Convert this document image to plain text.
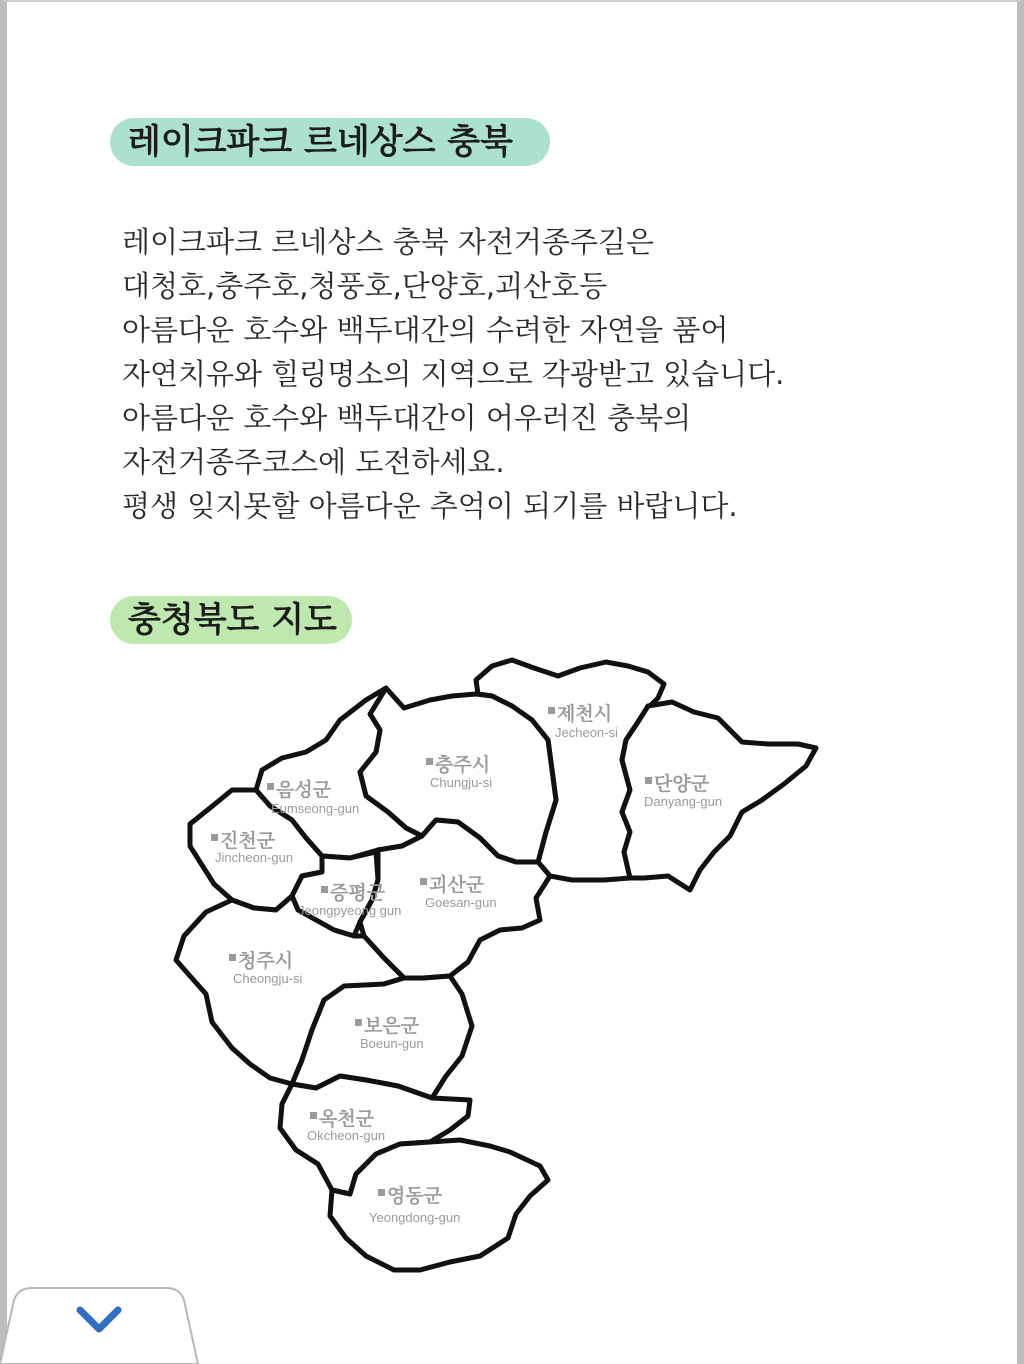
레이크파크 르네상스 충북
레이크파크 르네상스 충북 자전거종주길은
대청호,충주호,청풍호,단양호,괴산호등
아름다운 호수와 백두대간의 수려한 자연을 품어
자연치유와 힐링명소의 지역으로 각광받고 있습니다.
아름다운 호수와 백두대간이 어우러진 충북의
자전거종주코스에 도전하세요.
평생 잊지못할 아름다운 추억이 되기를 바랍니다.
충청북도 지도
제천시
Jecheon-si
충주시
Chungju-si	단양군
Danyang-gun
음성군
Eumseong-gun
진천군
Jincheon-gun
증평군
Jeongpyeong gun
괴산군
Goesan-gun
청주시
Cheongju-si
보은군
Boeun-gun
옥천군
Okcheon-gun
영동군
Yeongdong-gun
